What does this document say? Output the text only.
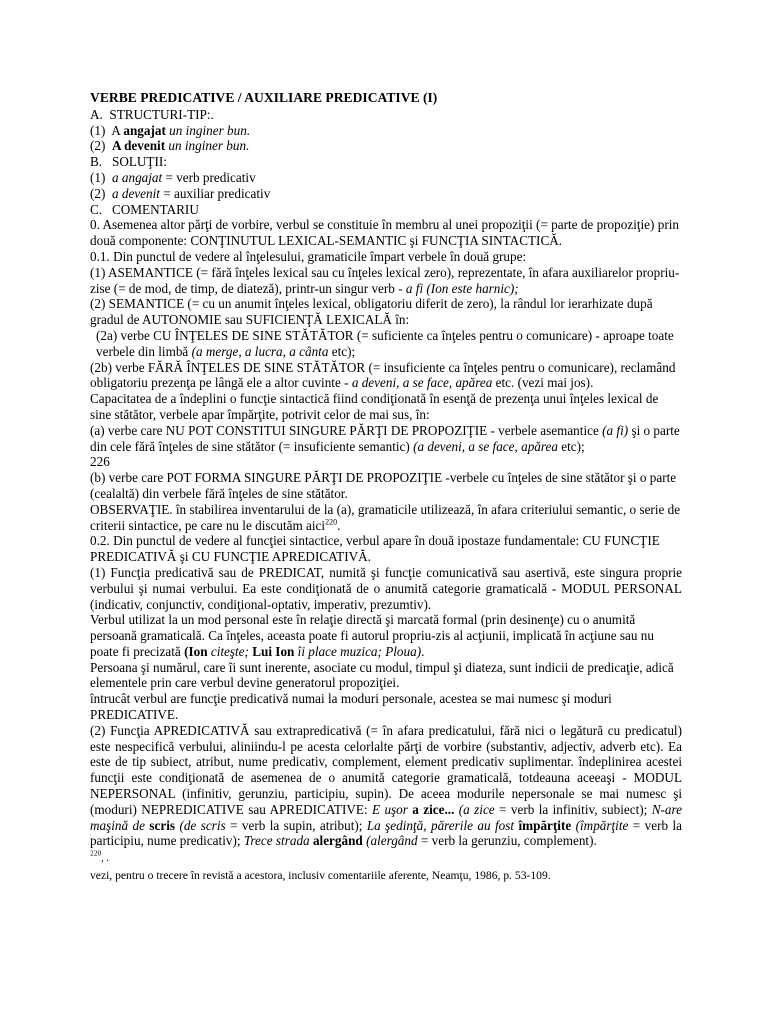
VERBE PREDICATIVE / AUXILIARE PREDICATIVE (I)

A. STRUCTURI-TIP:.

(1) A angajat un inginer bun.

(2) A devenit un inginer bun.

B. SOLUŢII:

(1) a angajat = verb predicativ

(2) a devenit = auxiliar predicativ

C. COMENTARIU

0. Asemenea altor părţi de vorbire, verbul se constituie în membru al unei propoziţii (= parte de propoziţie) prin două componente: CONŢINUTUL LEXICAL-SEMANTIC şi FUNCŢIA SINTACTICĂ.

0.1. Din punctul de vedere al înţelesului, gramaticile împart verbele în două grupe:

(1) ASEMANTICE (= fără înţeles lexical sau cu înţeles lexical zero), reprezentate, în afara auxiliarelor propriu-zise (= de mod, de timp, de diateză), printr-un singur verb - a fi (Ion este harnic);

(2) SEMANTICE (= cu un anumit înţeles lexical, obligatoriu diferit de zero), la rândul lor ierarhizate după gradul de AUTONOMIE sau SUFICIENŢĂ LEXICALĂ în:

(2a) verbe CU ÎNŢELES DE SINE STĂTĂTOR (= suficiente ca înţeles pentru o comunicare) - aproape toate verbele din limbă (a merge, a lucra, a cânta etc);

(2b) verbe FĂRĂ ÎNŢELES DE SINE STĂTĂTOR (= insuficiente ca înţeles pentru o comunicare), reclamând obligatoriu prezenţa pe lângă ele a altor cuvinte - a deveni, a se face, apărea etc. (vezi mai jos).

Capacitatea de a îndeplini o funcţie sintactică fiind condiţionată în esenţă de prezenţa unui înţeles lexical de sine stătător, verbele apar împărţite, potrivit celor de mai sus, în:

(a) verbe care NU POT CONSTITUI SINGURE PĂRŢI DE PROPOZIŢIE - verbele asemantice (a fi) şi o parte din cele fără înţeles de sine stătător (= insuficiente semantic) (a deveni, a se face, apărea etc);

226

(b) verbe care POT FORMA SINGURE PĂRŢI DE PROPOZIŢIE -verbele cu înţeles de sine stătător şi o parte (cealaltă) din verbele fără înţeles de sine stătător.

OBSERVAŢIE. în stabilirea inventarului de la (a), gramaticile utilizează, în afara criteriului semantic, o serie de criterii sintactice, pe care nu le discutăm aici$^{220}$.

0.2. Din punctul de vedere al funcţiei sintactice, verbul apare în două ipostaze fundamentale: CU FUNCŢIE PREDICATIVĂ şi CU FUNCŢIE APREDICATIVĂ.

(1) Funcţia predicativă sau de PREDICAT, numită şi funcţie comunicativă sau asertivă, este singura proprie verbului şi numai verbului. Ea este condiţionată de o anumită categorie gramaticală - MODUL PERSONAL (indicativ, conjunctiv, condiţional-optativ, imperativ, prezumtiv).

Verbul utilizat la un mod personal este în relaţie directă şi marcată formal (prin desinenţe) cu o anumită persoană gramaticală. Ca înţeles, aceasta poate fi autorul propriu-zis al acţiunii, implicată în acţiune sau nu poate fi precizată (Ion citeşte; Lui Ion îi place muzica; Ploua).

Persoana şi numărul, care îi sunt inerente, asociate cu modul, timpul şi diateza, sunt indicii de predicaţie, adică elementele prin care verbul devine generatorul propoziţiei.

întrucât verbul are funcţie predicativă numai la moduri personale, acestea se mai numesc şi moduri PREDICATIVE.

(2) Funcţia APREDICATIVĂ sau extrapredicativă (= în afara predicatului, fără nici o legătură cu predicatul) este nespecifică verbului, aliniindu-l pe acesta celorlalte părţi de vorbire (substantiv, adjectiv, adverb etc). Ea este de tip subiect, atribut, nume predicativ, complement, element predicativ suplimentar. îndeplinirea acestei funcţii este condiţionată de asemenea de o anumită categorie gramaticală, totdeauna aceeaşi - MODUL NEPERSONAL (infinitiv, gerunziu, participiu, supin). De aceea modurile nepersonale se mai numesc şi (moduri) NEPREDICATIVE sau APREDICATIVE: E uşor a zice... (a zice = verb la infinitiv, subiect); N-are maşină de scris (de scris = verb la supin, atribut); La şedinţă, părerile au fost împărţite (împărţite = verb la participiu, nume predicativ); Trece strada alergând (alergând = verb la gerunziu, complement).

$^{220}$, .

vezi, pentru o trecere în revistă a acestora, inclusiv comentariile aferente, Neamţu, 1986, p. 53-109.
